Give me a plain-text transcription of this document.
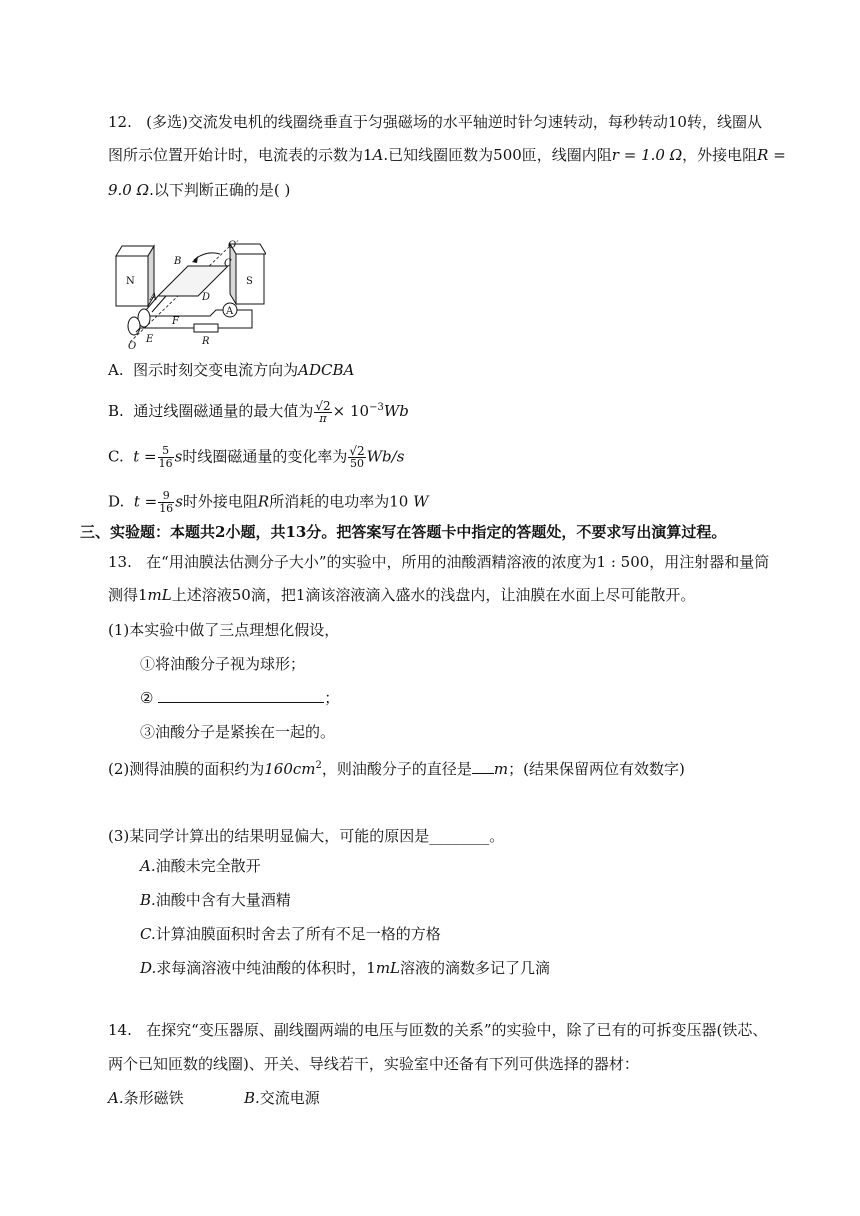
12. (多选)交流发电机的线圈绕垂直于匀强磁场的水平轴逆时针匀速转动，每秒转动10转，线圈从
图所示位置开始计时，电流表的示数为1A.已知线圈匝数为500匝，线圈内阻r = 1.0 Ω，外接电阻R =
9.0 Ω.以下判断正确的是( )
N	S
A
B	C
O′
A	D
F
E
O	R
A. 图示时刻交变电流方向为ADCBA
B. 通过线圈磁通量的最大值为 $\frac{√2}{\pi} \times 10^{-3}Wb$
C. $t = \frac{5}{16}$ s时线圈磁通量的变化率为 $\frac{√2}{50} Wb/s$
D. $t = \frac{9}{16}$ s时外接电阻R所消耗的电功率为10 W
三、实验题：本题共2小题，共13分。把答案写在答题卡中指定的答题处，不要求写出演算过程。
13. 在“用油膜法估测分子大小”的实验中，所用的油酸酒精溶液的浓度为1 : 500，用注射器和量筒
测得1mL上述溶液50滴，把1滴该溶液滴入盛水的浅盘内，让油膜在水面上尽可能散开。
(1)本实验中做了三点理想化假设，
①将油酸分子视为球形；
②	；
③油酸分子是紧挨在一起的。
(2)测得油膜的面积约为$160cm^2$，则油酸分子的直径是 m；(结果保留两位有效数字)
(3)某同学计算出的结果明显偏大，可能的原因是________。
A.油酸未完全散开
B.油酸中含有大量酒精
C.计算油膜面积时舍去了所有不足一格的方格
D.求每滴溶液中纯油酸的体积时，1mL溶液的滴数多记了几滴
14. 在探究“变压器原、副线圈两端的电压与匝数的关系”的实验中，除了已有的可拆变压器(铁芯、
两个已知匝数的线圈)、开关、导线若干，实验室中还备有下列可供选择的器材：
A.条形磁铁	B.交流电源
